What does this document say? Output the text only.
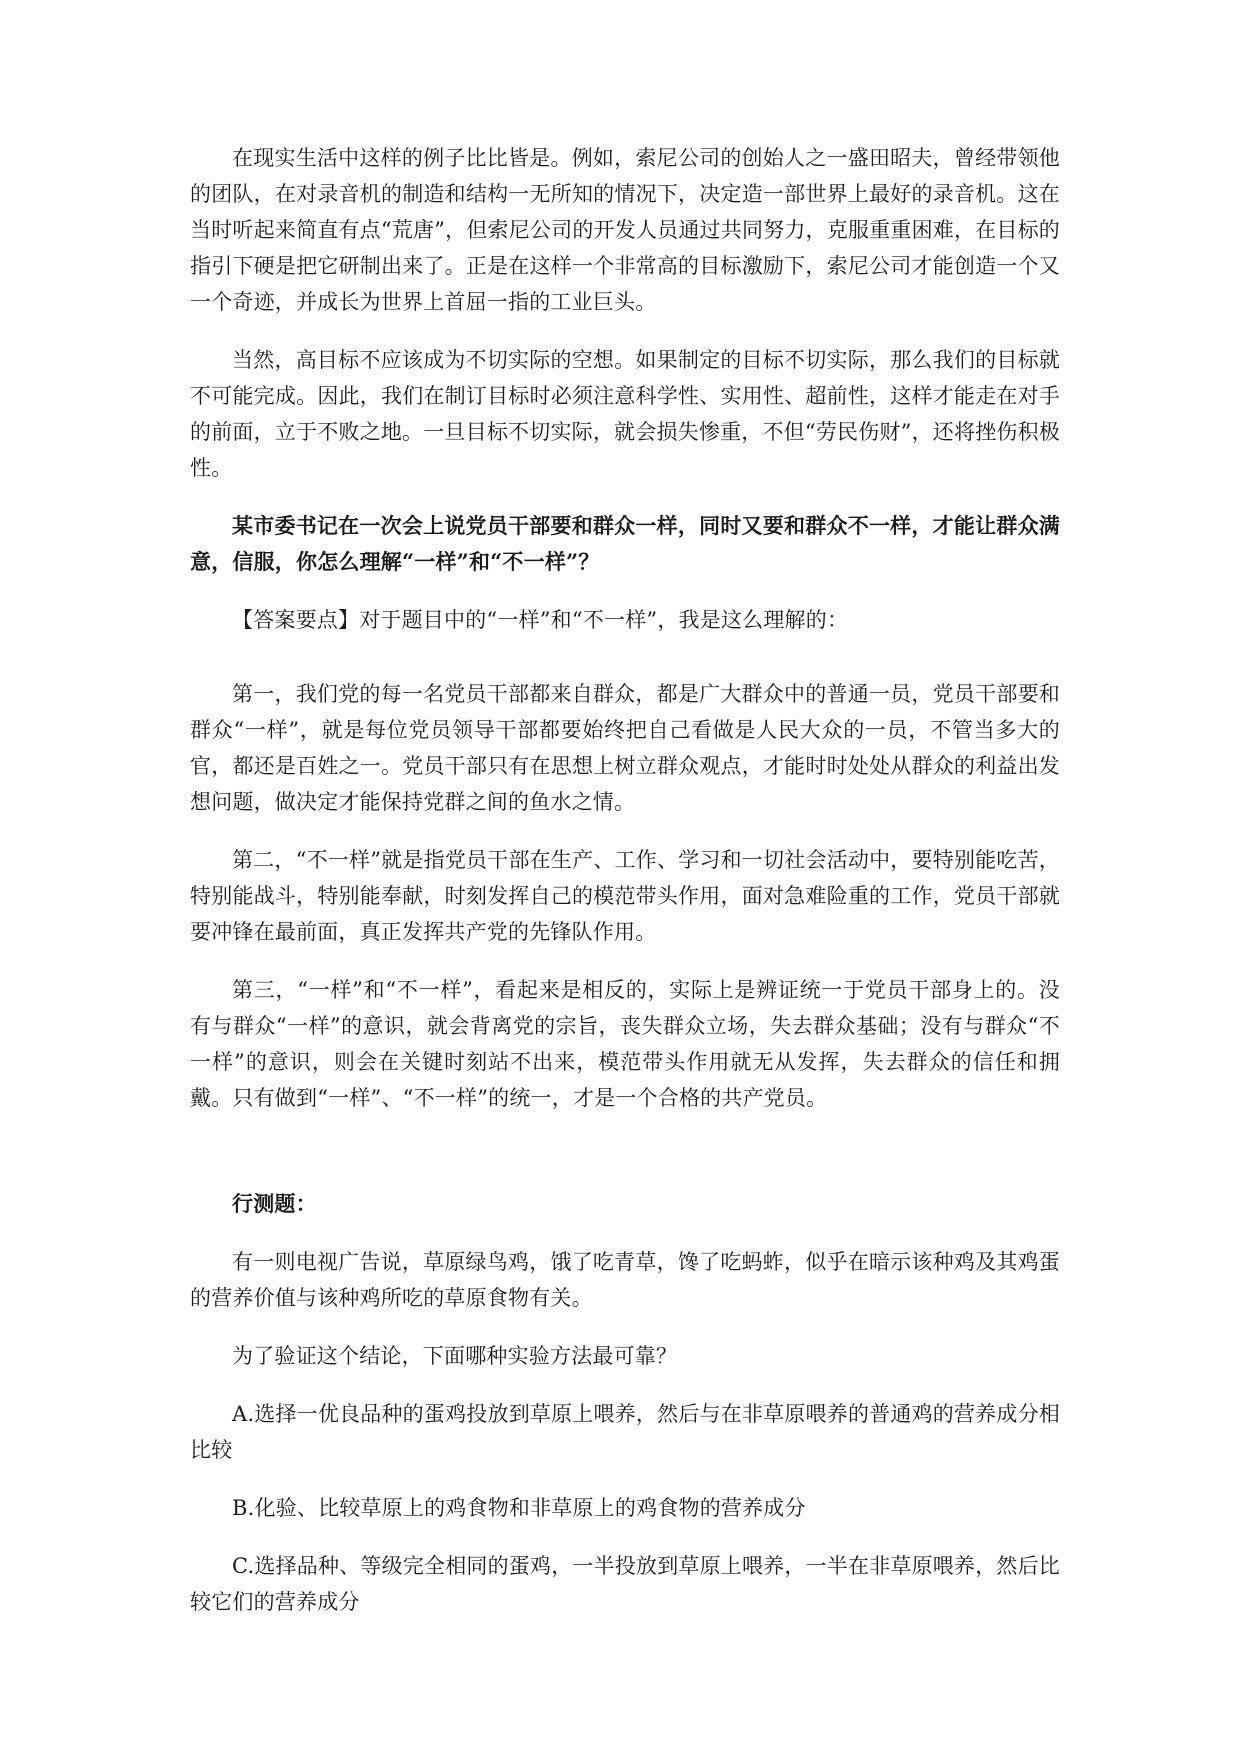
在现实生活中这样的例子比比皆是。例如，索尼公司的创始人之一盛田昭夫，曾经带领他的团队，在对录音机的制造和结构一无所知的情况下，决定造一部世界上最好的录音机。这在当时听起来简直有点“荒唐”，但索尼公司的开发人员通过共同努力，克服重重困难，在目标的指引下硬是把它研制出来了。正是在这样一个非常高的目标激励下，索尼公司才能创造一个又一个奇迹，并成长为世界上首屈一指的工业巨头。

当然，高目标不应该成为不切实际的空想。如果制定的目标不切实际，那么我们的目标就不可能完成。因此，我们在制订目标时必须注意科学性、实用性、超前性，这样才能走在对手的前面，立于不败之地。一旦目标不切实际，就会损失惨重，不但“劳民伤财”，还将挫伤积极性。

某市委书记在一次会上说党员干部要和群众一样，同时又要和群众不一样，才能让群众满意，信服，你怎么理解“一样”和“不一样”？

【答案要点】对于题目中的“一样”和“不一样”，我是这么理解的：

第一，我们党的每一名党员干部都来自群众，都是广大群众中的普通一员，党员干部要和群众“一样”，就是每位党员领导干部都要始终把自己看做是人民大众的一员，不管当多大的官，都还是百姓之一。党员干部只有在思想上树立群众观点，才能时时处处从群众的利益出发想问题，做决定才能保持党群之间的鱼水之情。

第二，“不一样”就是指党员干部在生产、工作、学习和一切社会活动中，要特别能吃苦，特别能战斗，特别能奉献，时刻发挥自己的模范带头作用，面对急难险重的工作，党员干部就要冲锋在最前面，真正发挥共产党的先锋队作用。

第三，“一样”和“不一样”，看起来是相反的，实际上是辨证统一于党员干部身上的。没有与群众“一样”的意识，就会背离党的宗旨，丧失群众立场，失去群众基础；没有与群众“不一样”的意识，则会在关键时刻站不出来，模范带头作用就无从发挥，失去群众的信任和拥戴。只有做到“一样”、“不一样”的统一，才是一个合格的共产党员。

行测题：

有一则电视广告说，草原绿鸟鸡，饿了吃青草，馋了吃蚂蚱，似乎在暗示该种鸡及其鸡蛋的营养价值与该种鸡所吃的草原食物有关。

为了验证这个结论，下面哪种实验方法最可靠？

A.选择一优良品种的蛋鸡投放到草原上喂养，然后与在非草原喂养的普通鸡的营养成分相比较

B.化验、比较草原上的鸡食物和非草原上的鸡食物的营养成分

C.选择品种、等级完全相同的蛋鸡，一半投放到草原上喂养，一半在非草原喂养，然后比较它们的营养成分
